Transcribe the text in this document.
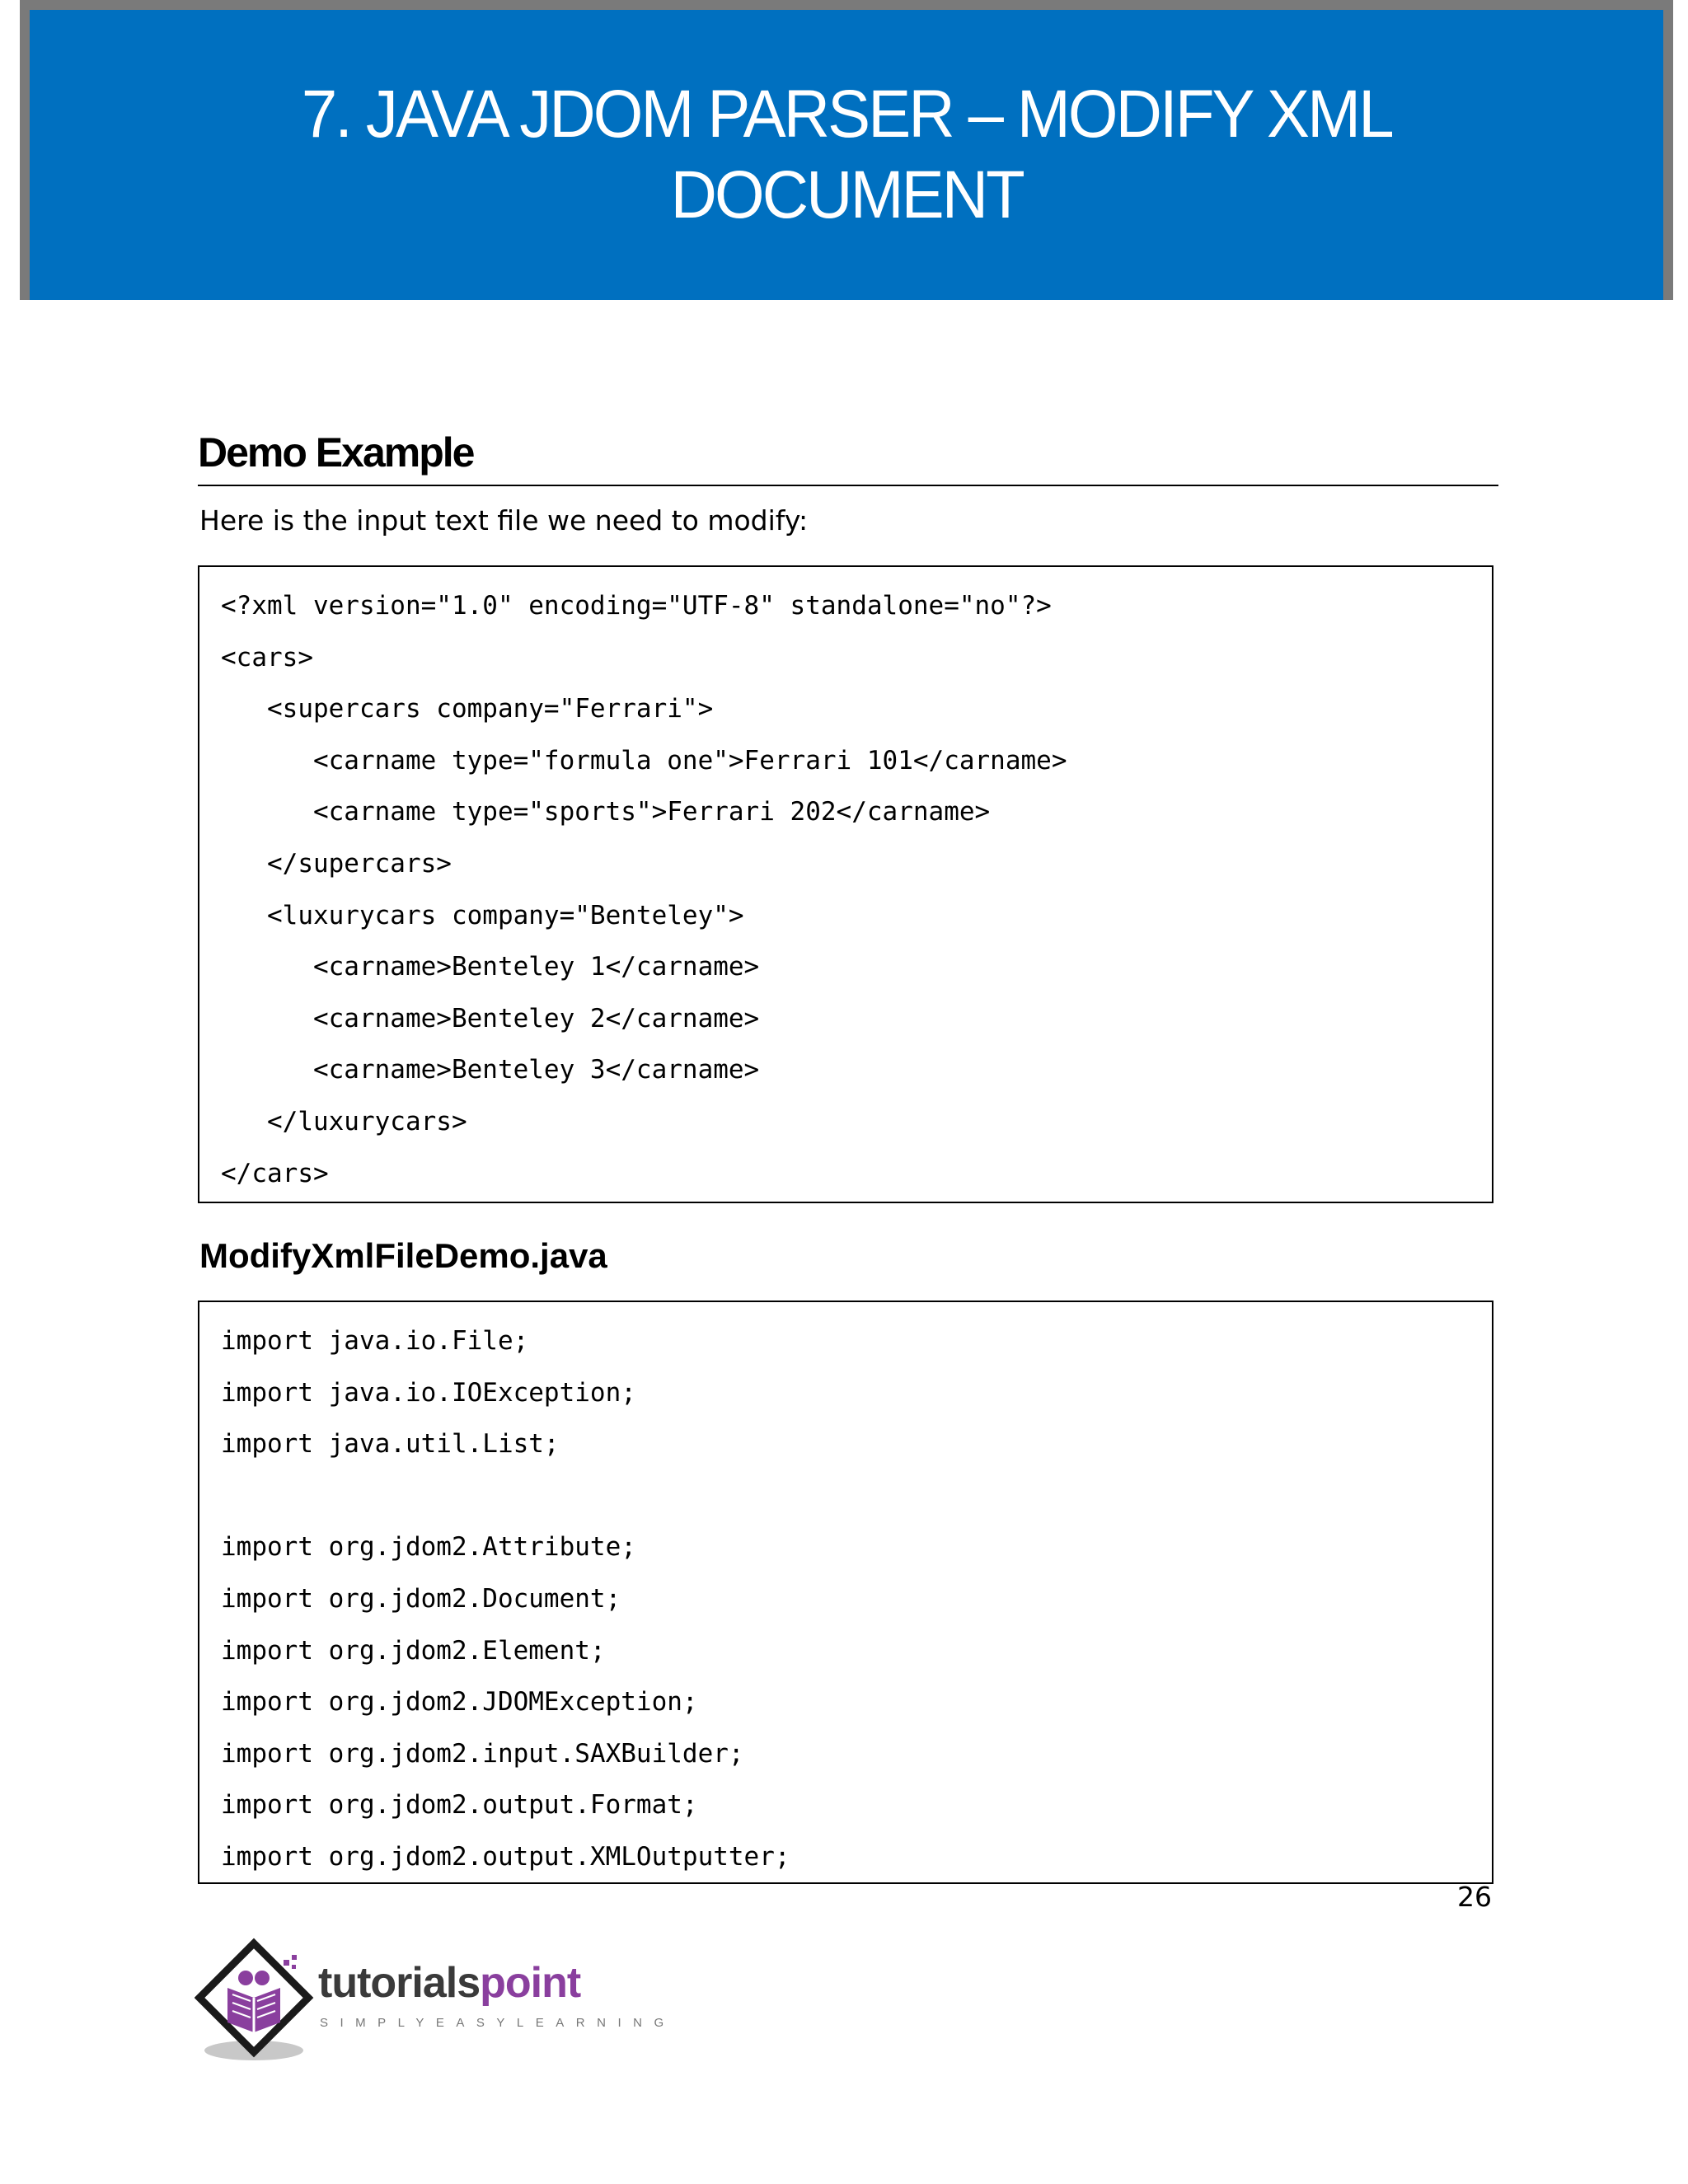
7. JAVA JDOM PARSER – MODIFY XML
DOCUMENT
Demo Example

Here is the input text file we need to modify:

<?xml version="1.0" encoding="UTF-8" standalone="no"?>
<cars>
<supercars company="Ferrari">
<carname type="formula one">Ferrari 101</carname>
<carname type="sports">Ferrari 202</carname>
</supercars>
<luxurycars company="Benteley">
<carname>Benteley 1</carname>
<carname>Benteley 2</carname>
<carname>Benteley 3</carname>
</luxurycars>
</cars>
ModifyXmlFileDemo.java
import java.io.File;
import java.io.IOException;
import java.util.List;
import org.jdom2.Attribute;
import org.jdom2.Document;
import org.jdom2.Element;
import org.jdom2.JDOMException;
import org.jdom2.input.SAXBuilder;
import org.jdom2.output.Format;
import org.jdom2.output.XMLOutputter;
26
tutorialspoint
SIMPLYEASYLEARNING
